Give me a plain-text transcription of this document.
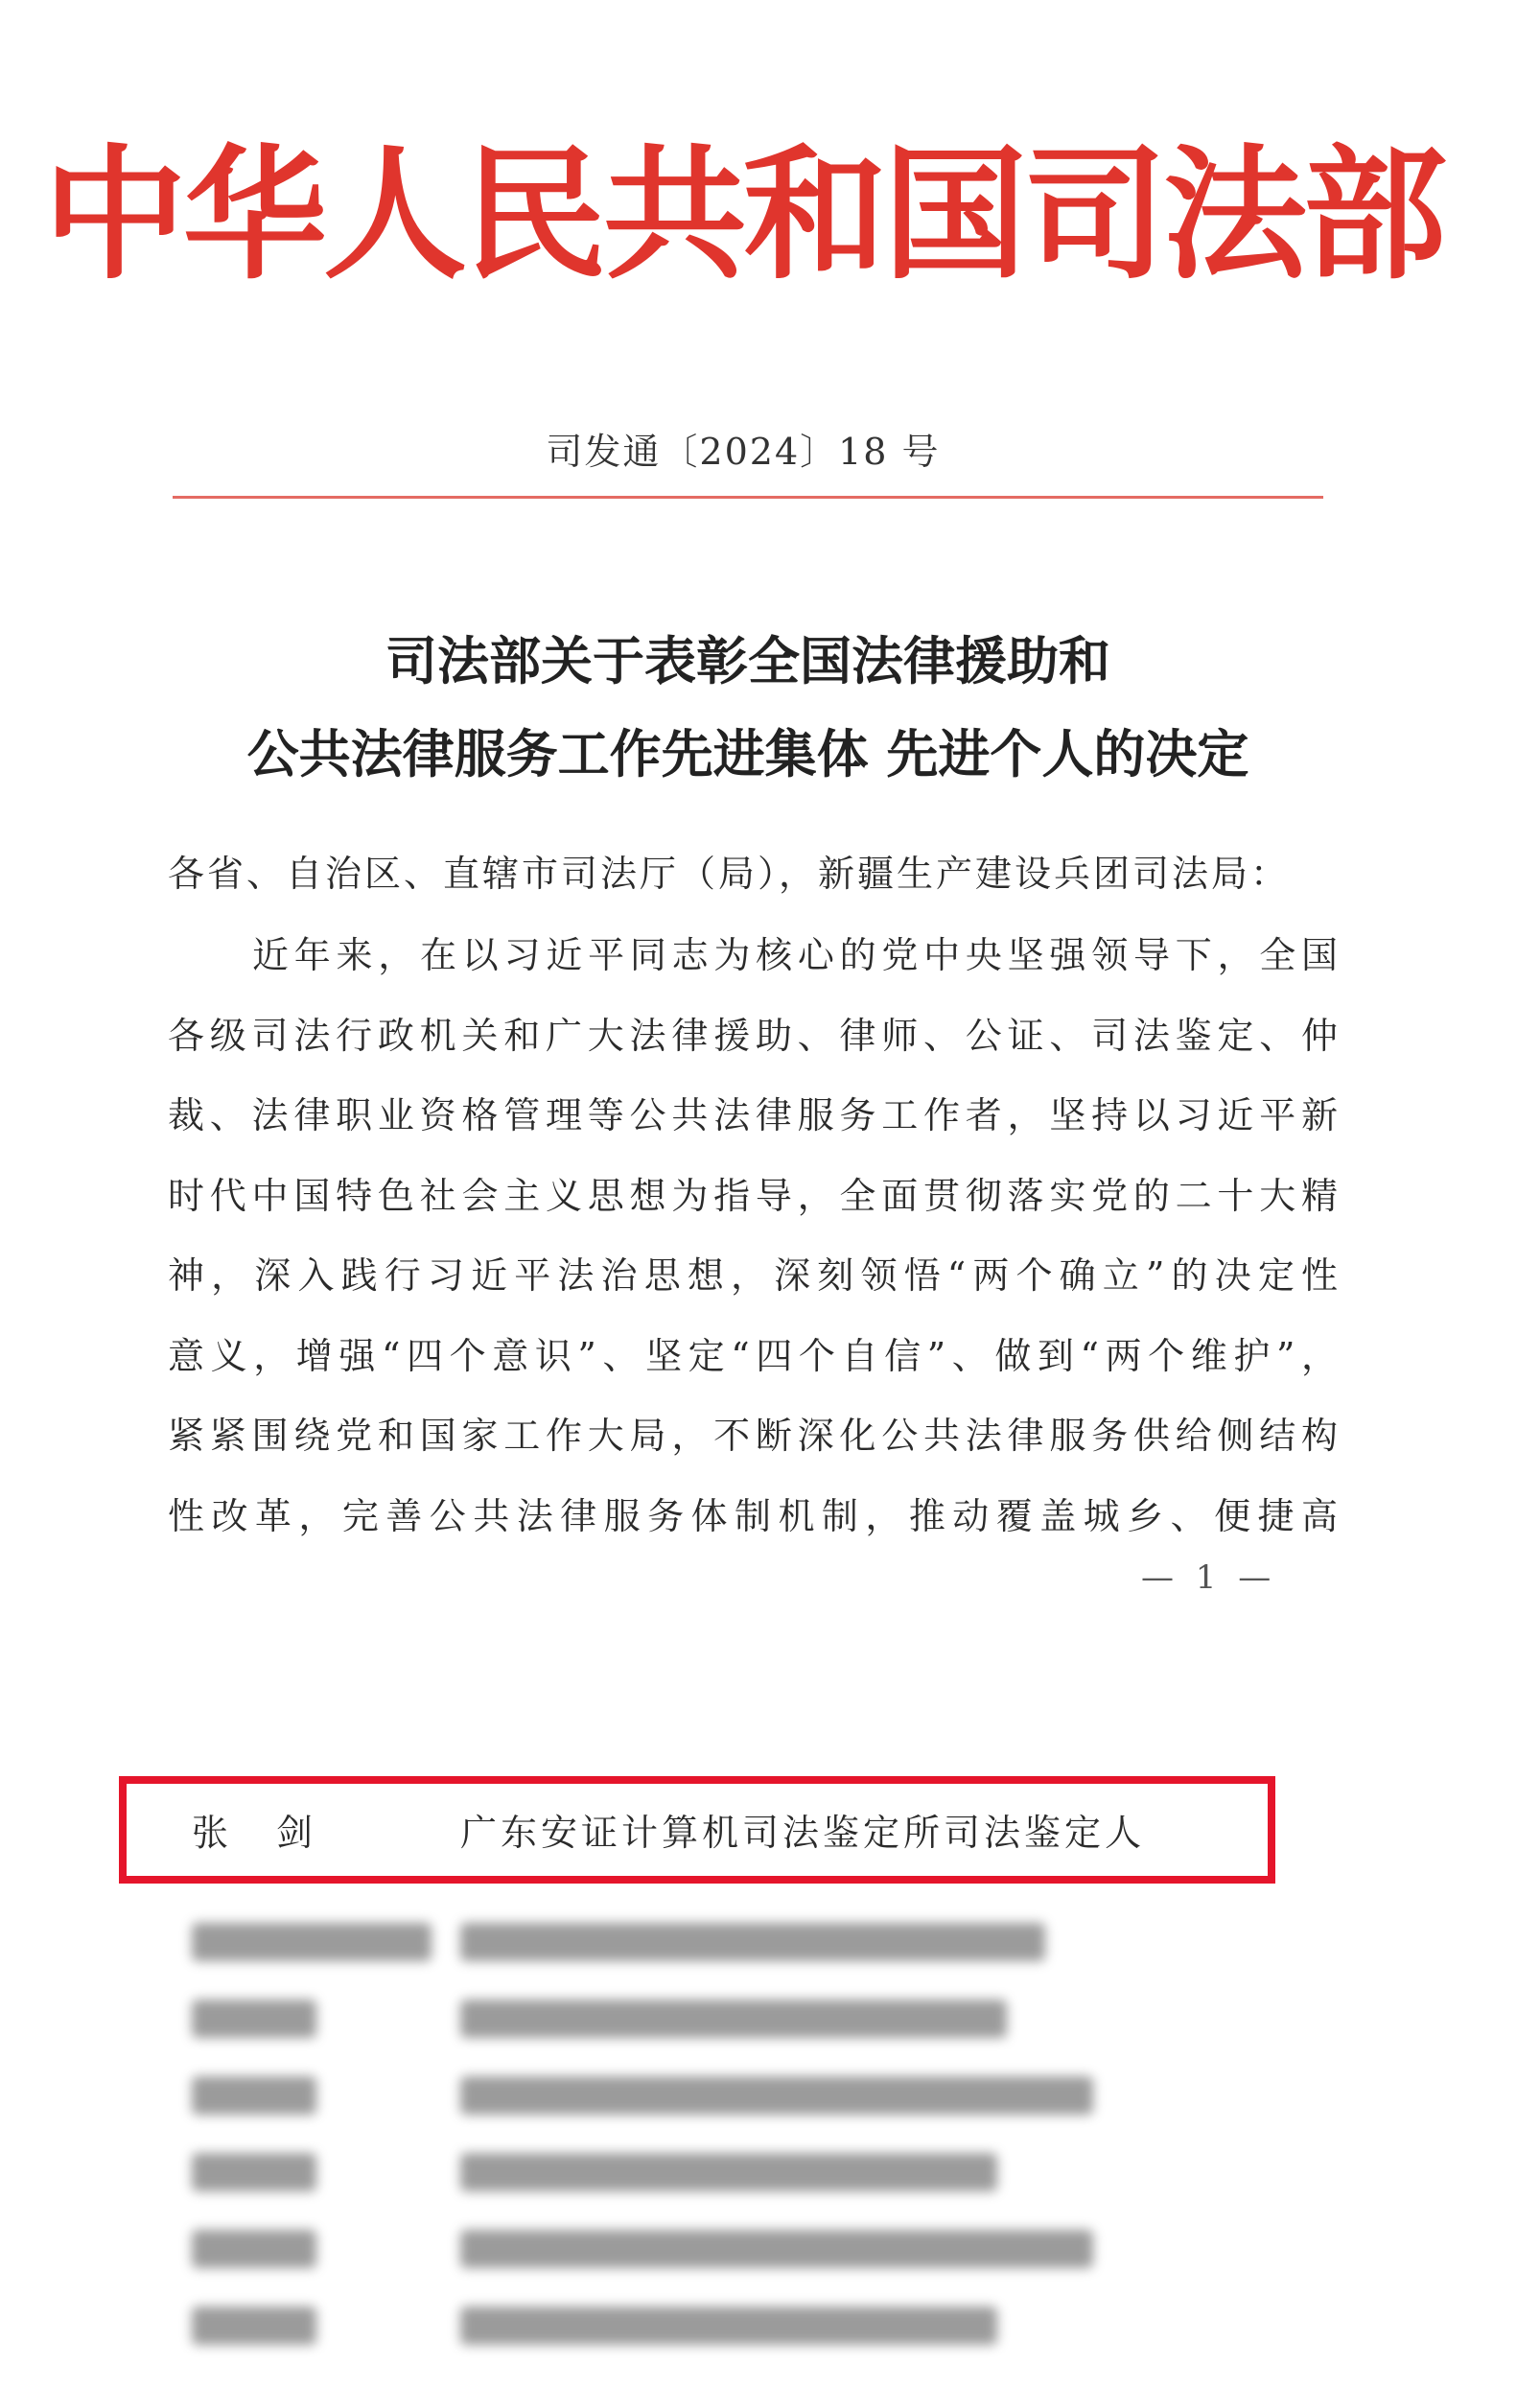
中华人民共和国司法部
司发通〔2024〕18 号
司法部关于表彰全国法律援助和
公共法律服务工作先进集体 先进个人的决定
各省、自治区、直辖市司法厅（局），新疆生产建设兵团司法局：
近年来，在以习近平同志为核心的党中央坚强领导下，全国
各级司法行政机关和广大法律援助、律师、公证、司法鉴定、仲
裁、法律职业资格管理等公共法律服务工作者，坚持以习近平新
时代中国特色社会主义思想为指导，全面贯彻落实党的二十大精
神，深入践行习近平法治思想，深刻领悟“两个确立”的决定性
意义，增强“四个意识”、坚定“四个自信”、做到“两个维护”，
紧紧围绕党和国家工作大局，不断深化公共法律服务供给侧结构
性改革，完善公共法律服务体制机制，推动覆盖城乡、便捷高
— 1 —
张剑	广东安证计算机司法鉴定所司法鉴定人
